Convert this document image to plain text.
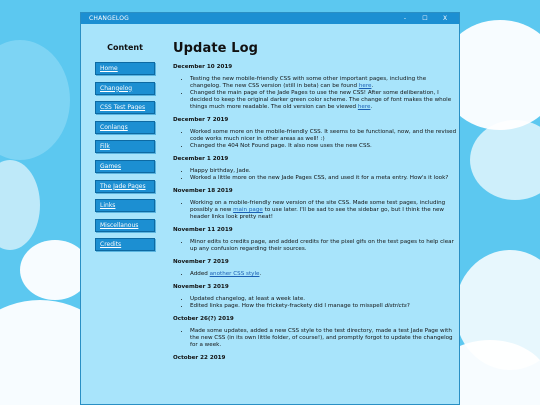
CHANGELOG	-	☐	X
Content
Home
Changelog
CSS Test Pages
Conlangs
Filk
Games
The Jade Pages
Links
Miscellanous
Credits
Update Log
December 10 2019
• Testing the new mobile-friendly CSS with some other important pages, including the changelog. The new CSS version (still in beta) can be found here.
• Changed the main page of the Jade Pages to use the new CSS! After some deliberation, I decided to keep the original darker green color scheme. The change of font makes the whole things much more readable. The old version can be viewed here.
December 7 2019
• Worked some more on the mobile-friendly CSS. It seems to be functional, now, and the revised code works much nicer in other areas as well! :)
• Changed the 404 Not Found page. It also now uses the new CSS.
December 1 2019
• Happy birthday, Jade.
• Worked a little more on the new Jade Pages CSS, and used it for a meta entry. How's it look?
November 18 2019
• Working on a mobile-friendly new version of the site CSS. Made some test pages, including possibly a new main page to use later. I'll be sad to see the sidebar go, but I think the new header links look pretty neat!
November 11 2019
• Minor edits to credits page, and added credits for the pixel gifs on the test pages to help clear up any confusion regarding their sources.
November 7 2019
• Added another CSS style.
November 3 2019
• Updated changelog, at least a week late.
• Edited links page. How the frickety-frackety did I manage to misspell districts?
October 26(?) 2019
• Made some updates, added a new CSS style to the test directory, made a test Jade Page with the new CSS (in its own little folder, of course!), and promptly forgot to update the changelog for a week.
October 22 2019
